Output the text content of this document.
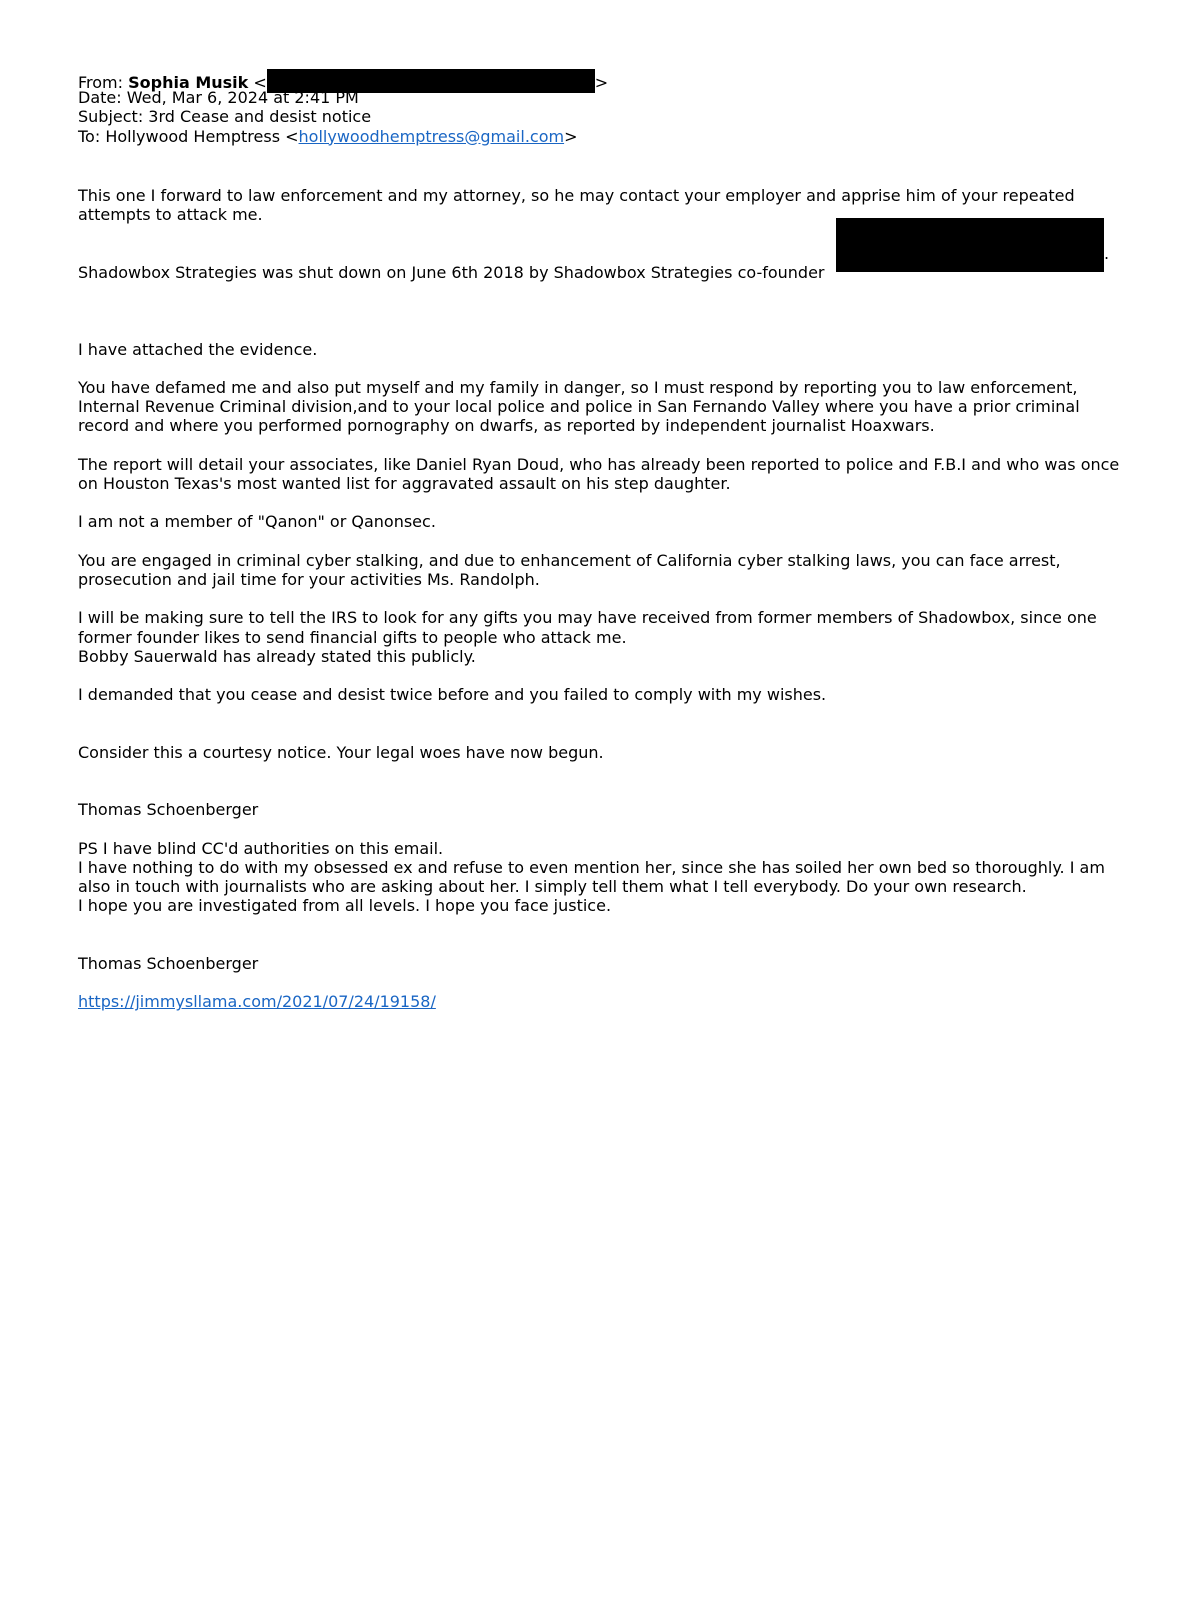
From: Sophia Musik <	>
Date: Wed, Mar 6, 2024 at 2:41 PM
Subject: 3rd Cease and desist notice
To: Hollywood Hemptress <hollywoodhemptress@gmail.com>

This one I forward to law enforcement and my attorney, so he may contact your employer and apprise him of your repeated
attempts to attack me.

Shadowbox Strategies was shut down on June 6th 2018 by Shadowbox Strategies co-founder

.

I have attached the evidence.

You have defamed me and also put myself and my family in danger, so I must respond by reporting you to law enforcement,
Internal Revenue Criminal division,and to your local police and police in San Fernando Valley where you have a prior criminal
record and where you performed pornography on dwarfs, as reported by independent journalist Hoaxwars.

The report will detail your associates, like Daniel Ryan Doud, who has already been reported to police and F.B.I and who was once
on Houston Texas's most wanted list for aggravated assault on his step daughter.

I am not a member of "Qanon" or Qanonsec.

You are engaged in criminal cyber stalking, and due to enhancement of California cyber stalking laws, you can face arrest,
prosecution and jail time for your activities Ms. Randolph.

I will be making sure to tell the IRS to look for any gifts you may have received from former members of Shadowbox, since one
former founder likes to send financial gifts to people who attack me.
Bobby Sauerwald has already stated this publicly.

I demanded that you cease and desist twice before and you failed to comply with my wishes.

Consider this a courtesy notice. Your legal woes have now begun.

Thomas Schoenberger

PS I have blind CC'd authorities on this email.
I have nothing to do with my obsessed ex and refuse to even mention her, since she has soiled her own bed so thoroughly. I am
also in touch with journalists who are asking about her. I simply tell them what I tell everybody. Do your own research.
I hope you are investigated from all levels. I hope you face justice.

Thomas Schoenberger

https://jimmysllama.com/2021/07/24/19158/
